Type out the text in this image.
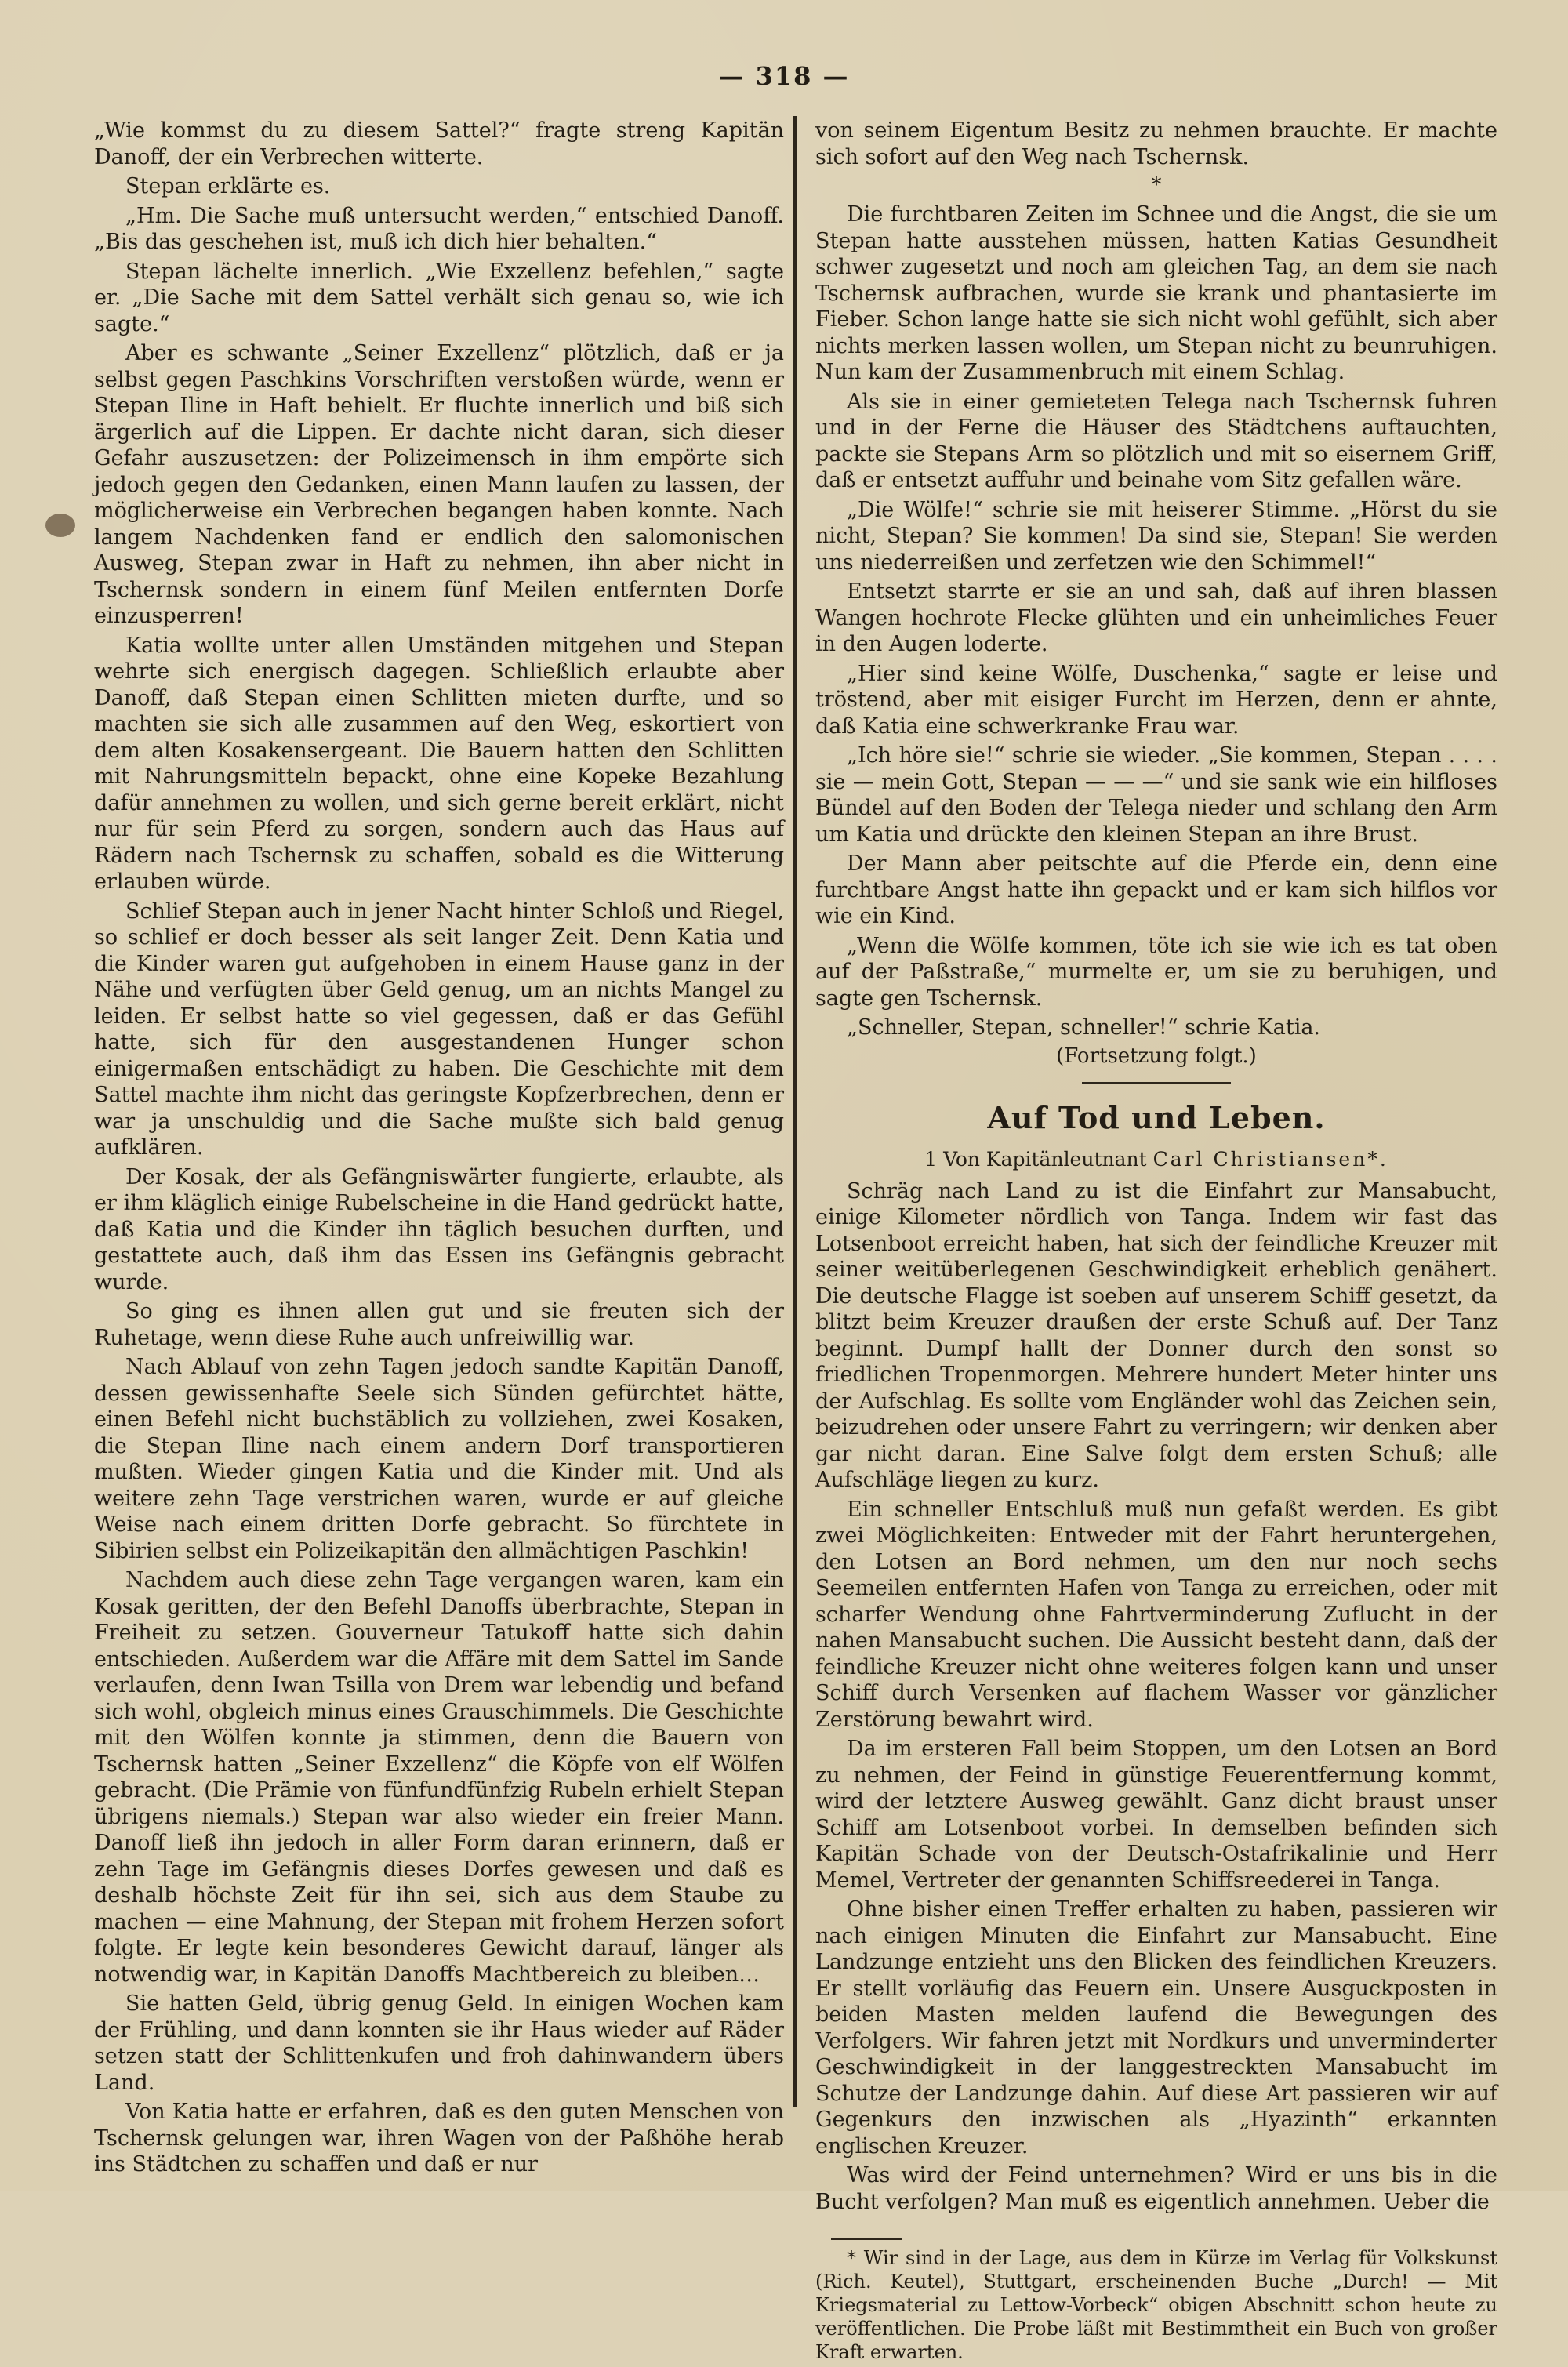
— 318 —

„Wie kommst du zu diesem Sattel?“ fragte streng Kapitän Danoff, der ein Verbrechen witterte.

Stepan erklärte es.

„Hm. Die Sache muß untersucht werden,“ entschied Danoff. „Bis das geschehen ist, muß ich dich hier behalten.“

Stepan lächelte innerlich. „Wie Exzellenz befehlen,“ sagte er. „Die Sache mit dem Sattel verhält sich genau so, wie ich sagte.“

Aber es schwante „Seiner Exzellenz“ plötzlich, daß er ja selbst gegen Paschkins Vorschriften verstoßen würde, wenn er Stepan Iline in Haft behielt. Er fluchte innerlich und biß sich ärgerlich auf die Lippen. Er dachte nicht daran, sich dieser Gefahr auszusetzen: der Polizeimensch in ihm empörte sich jedoch gegen den Gedanken, einen Mann laufen zu lassen, der möglicherweise ein Verbrechen begangen haben konnte. Nach langem Nachdenken fand er endlich den salomonischen Ausweg, Stepan zwar in Haft zu nehmen, ihn aber nicht in Tschernsk sondern in einem fünf Meilen entfernten Dorfe einzusperren!

Katia wollte unter allen Umständen mitgehen und Stepan wehrte sich energisch dagegen. Schließlich erlaubte aber Danoff, daß Stepan einen Schlitten mieten durfte, und so machten sie sich alle zusammen auf den Weg, eskortiert von dem alten Kosakensergeant. Die Bauern hatten den Schlitten mit Nahrungsmitteln bepackt, ohne eine Kopeke Bezahlung dafür annehmen zu wollen, und sich gerne bereit erklärt, nicht nur für sein Pferd zu sorgen, sondern auch das Haus auf Rädern nach Tschernsk zu schaffen, sobald es die Witterung erlauben würde.

Schlief Stepan auch in jener Nacht hinter Schloß und Riegel, so schlief er doch besser als seit langer Zeit. Denn Katia und die Kinder waren gut aufgehoben in einem Hause ganz in der Nähe und verfügten über Geld genug, um an nichts Mangel zu leiden. Er selbst hatte so viel gegessen, daß er das Gefühl hatte, sich für den ausgestandenen Hunger schon einigermaßen entschädigt zu haben. Die Geschichte mit dem Sattel machte ihm nicht das geringste Kopfzerbrechen, denn er war ja unschuldig und die Sache mußte sich bald genug aufklären.

Der Kosak, der als Gefängniswärter fungierte, erlaubte, als er ihm kläglich einige Rubelscheine in die Hand gedrückt hatte, daß Katia und die Kinder ihn täglich besuchen durften, und gestattete auch, daß ihm das Essen ins Gefängnis gebracht wurde.

So ging es ihnen allen gut und sie freuten sich der Ruhetage, wenn diese Ruhe auch unfreiwillig war.

Nach Ablauf von zehn Tagen jedoch sandte Kapitän Danoff, dessen gewissenhafte Seele sich Sünden gefürchtet hätte, einen Befehl nicht buchstäblich zu vollziehen, zwei Kosaken, die Stepan Iline nach einem andern Dorf transportieren mußten. Wieder gingen Katia und die Kinder mit. Und als weitere zehn Tage verstrichen waren, wurde er auf gleiche Weise nach einem dritten Dorfe gebracht. So fürchtete in Sibirien selbst ein Polizeikapitän den allmächtigen Paschkin!

Nachdem auch diese zehn Tage vergangen waren, kam ein Kosak geritten, der den Befehl Danoffs überbrachte, Stepan in Freiheit zu setzen. Gouverneur Tatukoff hatte sich dahin entschieden. Außerdem war die Affäre mit dem Sattel im Sande verlaufen, denn Iwan Tsilla von Drem war lebendig und befand sich wohl, obgleich minus eines Grauschimmels. Die Geschichte mit den Wölfen konnte ja stimmen, denn die Bauern von Tschernsk hatten „Seiner Exzellenz“ die Köpfe von elf Wölfen gebracht. (Die Prämie von fünfundfünfzig Rubeln erhielt Stepan übrigens niemals.) Stepan war also wieder ein freier Mann. Danoff ließ ihn jedoch in aller Form daran erinnern, daß er zehn Tage im Gefängnis dieses Dorfes gewesen und daß es deshalb höchste Zeit für ihn sei, sich aus dem Staube zu machen — eine Mahnung, der Stepan mit frohem Herzen sofort folgte. Er legte kein besonderes Gewicht darauf, länger als notwendig war, in Kapitän Danoffs Machtbereich zu bleiben…

Sie hatten Geld, übrig genug Geld. In einigen Wochen kam der Frühling, und dann konnten sie ihr Haus wieder auf Räder setzen statt der Schlittenkufen und froh dahinwandern übers Land.

Von Katia hatte er erfahren, daß es den guten Menschen von Tschernsk gelungen war, ihren Wagen von der Paßhöhe herab ins Städtchen zu schaffen und daß er nur

von seinem Eigentum Besitz zu nehmen brauchte. Er machte sich sofort auf den Weg nach Tschernsk.

*

Die furchtbaren Zeiten im Schnee und die Angst, die sie um Stepan hatte ausstehen müssen, hatten Katias Gesundheit schwer zugesetzt und noch am gleichen Tag, an dem sie nach Tschernsk aufbrachen, wurde sie krank und phantasierte im Fieber. Schon lange hatte sie sich nicht wohl gefühlt, sich aber nichts merken lassen wollen, um Stepan nicht zu beunruhigen. Nun kam der Zusammenbruch mit einem Schlag.

Als sie in einer gemieteten Telega nach Tschernsk fuhren und in der Ferne die Häuser des Städtchens auftauchten, packte sie Stepans Arm so plötzlich und mit so eisernem Griff, daß er entsetzt auffuhr und beinahe vom Sitz gefallen wäre.

„Die Wölfe!“ schrie sie mit heiserer Stimme. „Hörst du sie nicht, Stepan? Sie kommen! Da sind sie, Stepan! Sie werden uns niederreißen und zerfetzen wie den Schimmel!“

Entsetzt starrte er sie an und sah, daß auf ihren blassen Wangen hochrote Flecke glühten und ein unheimliches Feuer in den Augen loderte.

„Hier sind keine Wölfe, Duschenka,“ sagte er leise und tröstend, aber mit eisiger Furcht im Herzen, denn er ahnte, daß Katia eine schwerkranke Frau war.

„Ich höre sie!“ schrie sie wieder. „Sie kommen, Stepan . . . . sie — mein Gott, Stepan — — —“ und sie sank wie ein hilfloses Bündel auf den Boden der Telega nieder und schlang den Arm um Katia und drückte den kleinen Stepan an ihre Brust.

Der Mann aber peitschte auf die Pferde ein, denn eine furchtbare Angst hatte ihn gepackt und er kam sich hilflos vor wie ein Kind.

„Wenn die Wölfe kommen, töte ich sie wie ich es tat oben auf der Paßstraße,“ murmelte er, um sie zu beruhigen, und sagte gen Tschernsk.

„Schneller, Stepan, schneller!“ schrie Katia.

(Fortsetzung folgt.)
Auf Tod und Leben.
1 Von Kapitänleutnant Carl Christiansen*.

Schräg nach Land zu ist die Einfahrt zur Mansabucht, einige Kilometer nördlich von Tanga. Indem wir fast das Lotsenboot erreicht haben, hat sich der feindliche Kreuzer mit seiner weitüberlegenen Geschwindigkeit erheblich genähert. Die deutsche Flagge ist soeben auf unserem Schiff gesetzt, da blitzt beim Kreuzer draußen der erste Schuß auf. Der Tanz beginnt. Dumpf hallt der Donner durch den sonst so friedlichen Tropenmorgen. Mehrere hundert Meter hinter uns der Aufschlag. Es sollte vom Engländer wohl das Zeichen sein, beizudrehen oder unsere Fahrt zu verringern; wir denken aber gar nicht daran. Eine Salve folgt dem ersten Schuß; alle Aufschläge liegen zu kurz.

Ein schneller Entschluß muß nun gefaßt werden. Es gibt zwei Möglichkeiten: Entweder mit der Fahrt heruntergehen, den Lotsen an Bord nehmen, um den nur noch sechs Seemeilen entfernten Hafen von Tanga zu erreichen, oder mit scharfer Wendung ohne Fahrtverminderung Zuflucht in der nahen Mansabucht suchen. Die Aussicht besteht dann, daß der feindliche Kreuzer nicht ohne weiteres folgen kann und unser Schiff durch Versenken auf flachem Wasser vor gänzlicher Zerstörung bewahrt wird.

Da im ersteren Fall beim Stoppen, um den Lotsen an Bord zu nehmen, der Feind in günstige Feuerentfernung kommt, wird der letztere Ausweg gewählt. Ganz dicht braust unser Schiff am Lotsenboot vorbei. In demselben befinden sich Kapitän Schade von der Deutsch-Ostafrikalinie und Herr Memel, Vertreter der genannten Schiffsreederei in Tanga.

Ohne bisher einen Treffer erhalten zu haben, passieren wir nach einigen Minuten die Einfahrt zur Mansabucht. Eine Landzunge entzieht uns den Blicken des feindlichen Kreuzers. Er stellt vorläufig das Feuern ein. Unsere Ausguckposten in beiden Masten melden laufend die Bewegungen des Verfolgers. Wir fahren jetzt mit Nordkurs und unverminderter Geschwindigkeit in der langgestreckten Mansabucht im Schutze der Landzunge dahin. Auf diese Art passieren wir auf Gegenkurs den inzwischen als „Hyazinth“ erkannten englischen Kreuzer.

Was wird der Feind unternehmen? Wird er uns bis in die Bucht verfolgen? Man muß es eigentlich annehmen. Ueber die

* Wir sind in der Lage, aus dem in Kürze im Verlag für Volkskunst (Rich. Keutel), Stuttgart, erscheinenden Buche „Durch! — Mit Kriegsmaterial zu Lettow-Vorbeck“ obigen Abschnitt schon heute zu veröffentlichen. Die Probe läßt mit Bestimmtheit ein Buch von großer Kraft erwarten.
